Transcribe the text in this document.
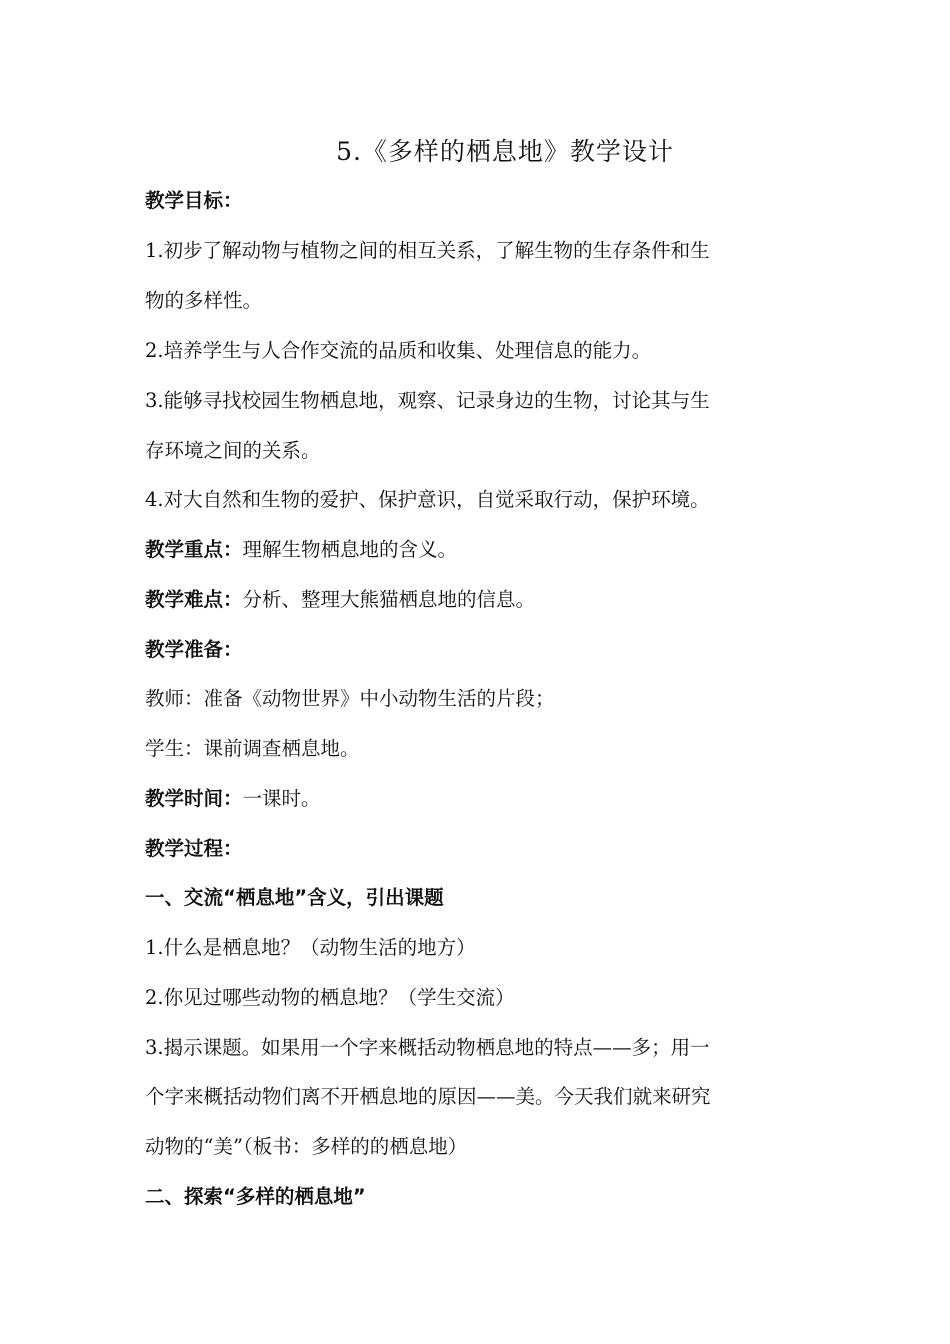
5.《多样的栖息地》教学设计
教学目标：
1.初步了解动物与植物之间的相互关系，了解生物的生存条件和生
物的多样性。
2.培养学生与人合作交流的品质和收集、处理信息的能力。
3.能够寻找校园生物栖息地，观察、记录身边的生物，讨论其与生
存环境之间的关系。
4.对大自然和生物的爱护、保护意识，自觉采取行动，保护环境。
教学重点：理解生物栖息地的含义。
教学难点：分析、整理大熊猫栖息地的信息。
教学准备：
教师：准备《动物世界》中小动物生活的片段；
学生：课前调查栖息地。
教学时间：一课时。
教学过程：
一、交流“栖息地”含义，引出课题
1.什么是栖息地？（动物生活的地方）
2.你见过哪些动物的栖息地？（学生交流）
3.揭示课题。如果用一个字来概括动物栖息地的特点——多；用一
个字来概括动物们离不开栖息地的原因——美。今天我们就来研究
动物的“美”（板书：多样的的栖息地）
二、探索“多样的栖息地”
